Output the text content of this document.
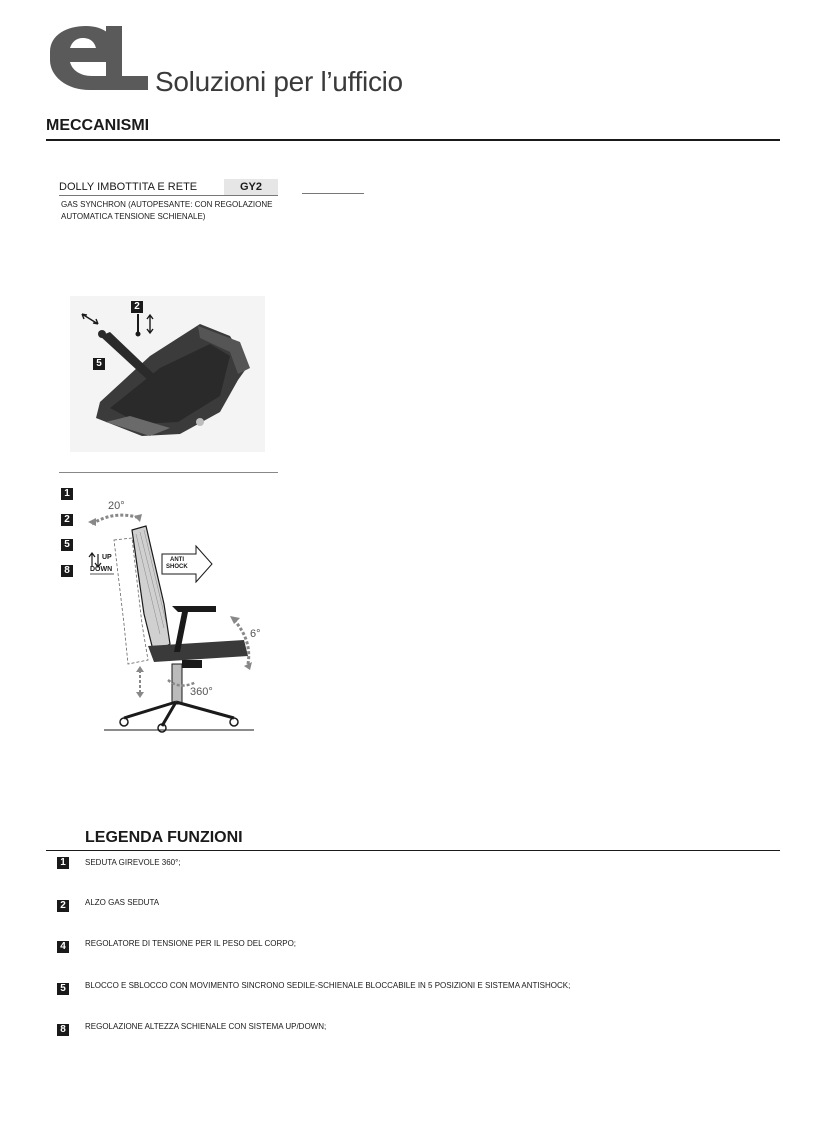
Soluzioni per l’ufficio
MECCANISMI
DOLLY IMBOTTITA E RETE	GY2
GAS SYNCHRON (AUTOPESANTE: CON REGOLAZIONE AUTOMATICA TENSIONE SCHIENALE)
2
5
1
2
5
8
20°
6°
360°
UP
DOWN
ANTI
SHOCK
LEGENDA FUNZIONI
1	SEDUTA GIREVOLE 360°;
2	ALZO GAS SEDUTA
4	REGOLATORE DI TENSIONE PER IL PESO DEL CORPO;
5	BLOCCO E SBLOCCO CON MOVIMENTO SINCRONO SEDILE-SCHIENALE BLOCCABILE IN 5 POSIZIONI E SISTEMA ANTISHOCK;
8	REGOLAZIONE ALTEZZA SCHIENALE CON SISTEMA UP/DOWN;
